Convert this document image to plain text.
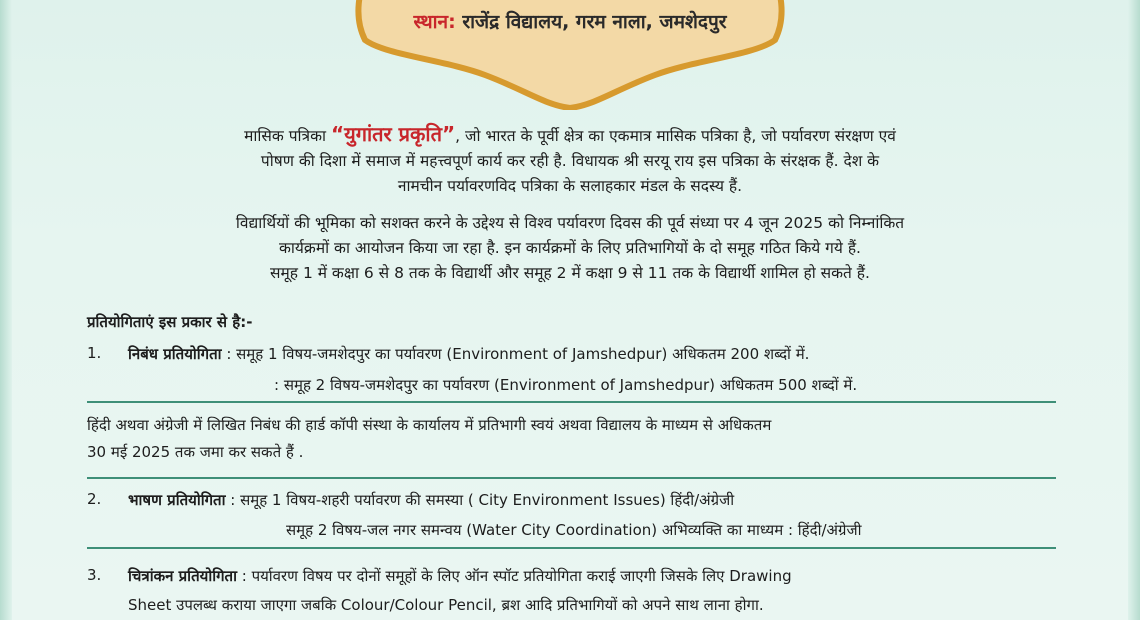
स्थान: राजेंद्र विद्यालय, गरम नाला, जमशेदपुर
मासिक पत्रिका “युगांतर प्रकृति”, जो भारत के पूर्वी क्षेत्र का एकमात्र मासिक पत्रिका है, जो पर्यावरण संरक्षण एवं
पोषण की दिशा में समाज में महत्त्वपूर्ण कार्य कर रही है. विधायक श्री सरयू राय इस पत्रिका के संरक्षक हैं. देश के
नामचीन पर्यावरणविद पत्रिका के सलाहकार मंडल के सदस्य हैं.
विद्यार्थियों की भूमिका को सशक्त करने के उद्देश्य से विश्व पर्यावरण दिवस की पूर्व संध्या पर 4 जून 2025 को निम्नांकित
कार्यक्रमों का आयोजन किया जा रहा है. इन कार्यक्रमों के लिए प्रतिभागियों के दो समूह गठित किये गये हैं.
समूह 1 में कक्षा 6 से 8 तक के विद्यार्थी और समूह 2 में कक्षा 9 से 11 तक के विद्यार्थी शामिल हो सकते हैं.
प्रतियोगिताएं इस प्रकार से है:-
1. निबंध प्रतियोगिता : समूह 1 विषय-जमशेदपुर का पर्यावरण (Environment of Jamshedpur) अधिकतम 200 शब्दों में.
: समूह 2 विषय-जमशेदपुर का पर्यावरण (Environment of Jamshedpur) अधिकतम 500 शब्दों में.
हिंदी अथवा अंग्रेजी में लिखित निबंध की हार्ड कॉपी संस्था के कार्यालय में प्रतिभागी स्वयं अथवा विद्यालय के माध्यम से अधिकतम
30 मई 2025 तक जमा कर सकते हैं .
2. भाषण प्रतियोगिता : समूह 1 विषय-शहरी पर्यावरण की समस्या ( City Environment Issues) हिंदी/अंग्रेजी
समूह 2 विषय-जल नगर समन्वय (Water City Coordination) अभिव्यक्ति का माध्यम : हिंदी/अंग्रेजी
3. चित्रांकन प्रतियोगिता : पर्यावरण विषय पर दोनों समूहों के लिए ऑन स्पॉट प्रतियोगिता कराई जाएगी जिसके लिए Drawing
Sheet उपलब्ध कराया जाएगा जबकि Colour/Colour Pencil, ब्रश आदि प्रतिभागियों को अपने साथ लाना होगा.
